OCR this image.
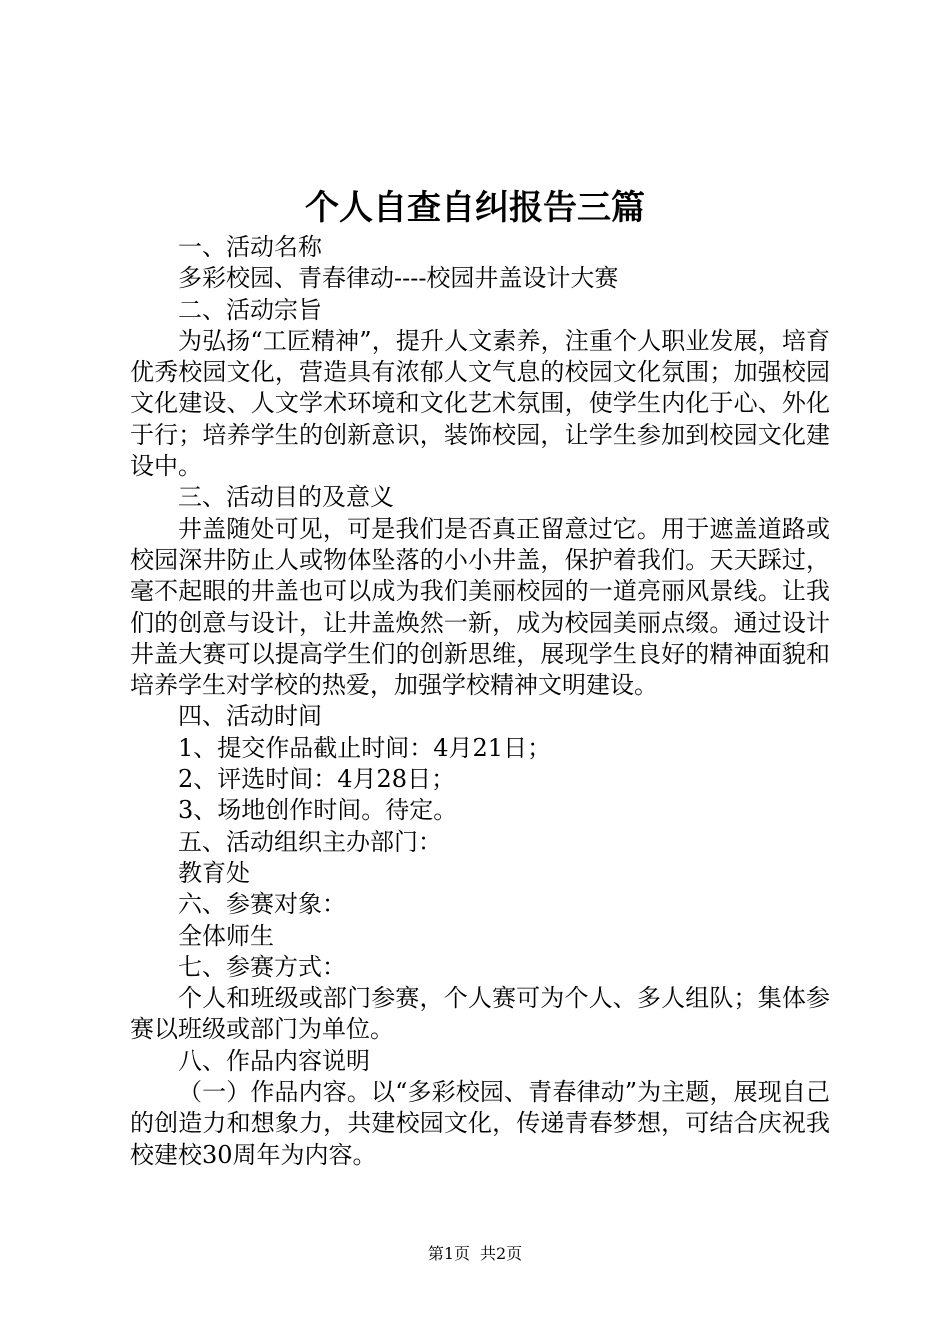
个人自查自纠报告三篇

一、活动名称

多彩校园、青春律动----校园井盖设计大赛

二、活动宗旨

为弘扬“工匠精神”，提升人文素养，注重个人职业发展，培育优秀校园文化，营造具有浓郁人文气息的校园文化氛围；加强校园文化建设、人文学术环境和文化艺术氛围，使学生内化于心、外化于行；培养学生的创新意识，装饰校园，让学生参加到校园文化建设中。

三、活动目的及意义

井盖随处可见，可是我们是否真正留意过它。用于遮盖道路或校园深井防止人或物体坠落的小小井盖，保护着我们。天天踩过，毫不起眼的井盖也可以成为我们美丽校园的一道亮丽风景线。让我们的创意与设计，让井盖焕然一新，成为校园美丽点缀。通过设计井盖大赛可以提高学生们的创新思维，展现学生良好的精神面貌和培养学生对学校的热爱，加强学校精神文明建设。

四、活动时间

1、提交作品截止时间：4月21日；

2、评选时间：4月28日；

3、场地创作时间。待定。

五、活动组织主办部门：

教育处

六、参赛对象：

全体师生

七、参赛方式：

个人和班级或部门参赛，个人赛可为个人、多人组队；集体参赛以班级或部门为单位。

八、作品内容说明

（一）作品内容。以“多彩校园、青春律动”为主题，展现自己的创造力和想象力，共建校园文化，传递青春梦想，可结合庆祝我校建校30周年为内容。

第1页 共2页
